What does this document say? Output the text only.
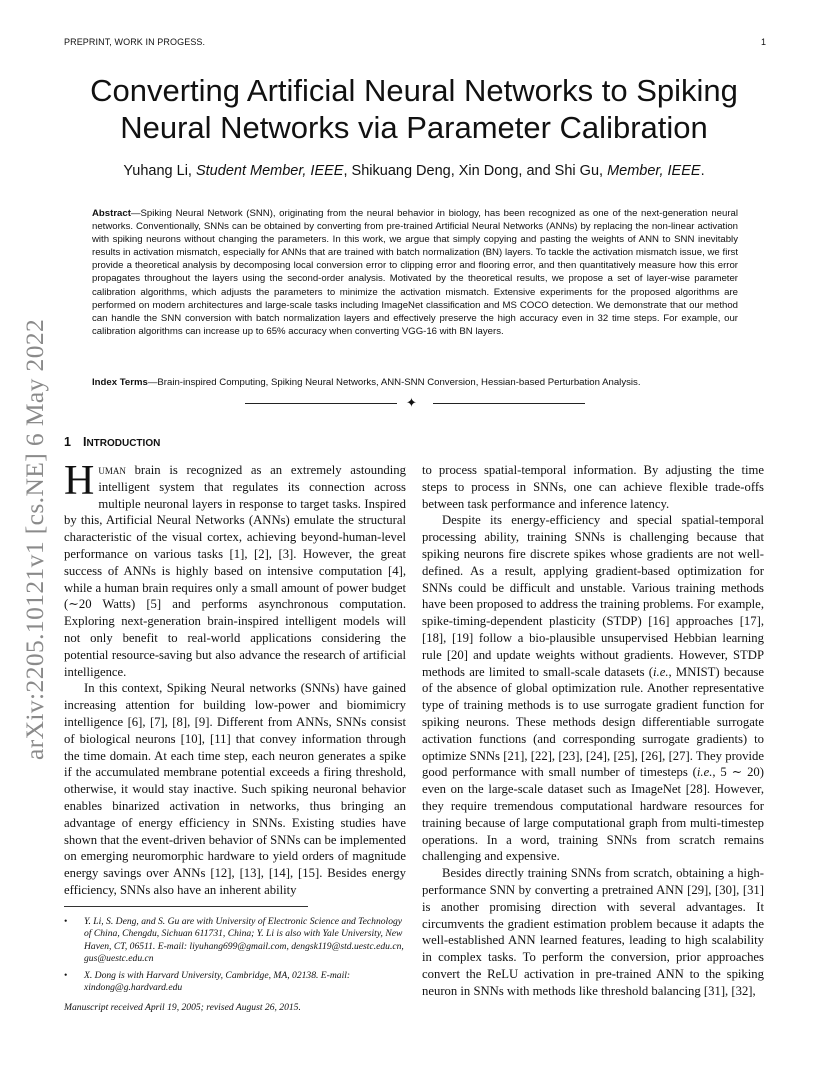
PREPRINT, WORK IN PROGESS.	1
Converting Artificial Neural Networks to Spiking
Neural Networks via Parameter Calibration
Yuhang Li, Student Member, IEEE, Shikuang Deng, Xin Dong, and Shi Gu, Member, IEEE.

Abstract—Spiking Neural Network (SNN), originating from the neural behavior in biology, has been recognized as one of the next-generation neural networks. Conventionally, SNNs can be obtained by converting from pre-trained Artificial Neural Networks (ANNs) by replacing the non-linear activation with spiking neurons without changing the parameters. In this work, we argue that simply copying and pasting the weights of ANN to SNN inevitably results in activation mismatch, especially for ANNs that are trained with batch normalization (BN) layers. To tackle the activation mismatch issue, we first provide a theoretical analysis by decomposing local conversion error to clipping error and flooring error, and then quantitatively measure how this error propagates throughout the layers using the second-order analysis. Motivated by the theoretical results, we propose a set of layer-wise parameter calibration algorithms, which adjusts the parameters to minimize the activation mismatch. Extensive experiments for the proposed algorithms are performed on modern architectures and large-scale tasks including ImageNet classification and MS COCO detection. We demonstrate that our method can handle the SNN conversion with batch normalization layers and effectively preserve the high accuracy even in 32 time steps. For example, our calibration algorithms can increase up to 65% accuracy when converting VGG-16 with BN layers.

Index Terms—Brain-inspired Computing, Spiking Neural Networks, ANN-SNN Conversion, Hessian-based Perturbation Analysis.

✦
1 INTRODUCTION

Human brain is recognized as an extremely astounding intelligent system that regulates its connection across multiple neuronal layers in response to target tasks. Inspired by this, Artificial Neural Networks (ANNs) emulate the structural characteristic of the visual cortex, achieving beyond-human-level performance on various tasks [1], [2], [3]. However, the great success of ANNs is highly based on intensive computation [4], while a human brain requires only a small amount of power budget (∼20 Watts) [5] and performs asynchronous computation. Exploring next-generation brain-inspired intelligent models will not only benefit to real-world applications considering the potential resource-saving but also advance the research of artificial intelligence.

In this context, Spiking Neural networks (SNNs) have gained increasing attention for building low-power and biomimicry intelligence [6], [7], [8], [9]. Different from ANNs, SNNs consist of biological neurons [10], [11] that convey information through the time domain. At each time step, each neuron generates a spike if the accumulated membrane potential exceeds a firing threshold, otherwise, it would stay inactive. Such spiking neuronal behavior enables binarized activation in networks, thus bringing an advantage of energy efficiency in SNNs. Existing studies have shown that the event-driven behavior of SNNs can be implemented on emerging neuromorphic hardware to yield orders of magnitude energy savings over ANNs [12], [13], [14], [15]. Besides energy efficiency, SNNs also have an inherent ability

to process spatial-temporal information. By adjusting the time steps to process in SNNs, one can achieve flexible trade-offs between task performance and inference latency.

Despite its energy-efficiency and special spatial-temporal processing ability, training SNNs is challenging because that spiking neurons fire discrete spikes whose gradients are not well-defined. As a result, applying gradient-based optimization for SNNs could be difficult and unstable. Various training methods have been proposed to address the training problems. For example, spike-timing-dependent plasticity (STDP) [16] approaches [17], [18], [19] follow a bio-plausible unsupervised Hebbian learning rule [20] and update weights without gradients. However, STDP methods are limited to small-scale datasets (i.e., MNIST) because of the absence of global optimization rule. Another representative type of training methods is to use surrogate gradient function for spiking neurons. These methods design differentiable surrogate activation functions (and corresponding surrogate gradients) to optimize SNNs [21], [22], [23], [24], [25], [26], [27]. They provide good performance with small number of timesteps (i.e., 5 ∼ 20) even on the large-scale dataset such as ImageNet [28]. However, they require tremendous computational hardware resources for training because of large computational graph from multi-timestep operations. In a word, training SNNs from scratch remains challenging and expensive.

Besides directly training SNNs from scratch, obtaining a high-performance SNN by converting a pretrained ANN [29], [30], [31] is another promising direction with several advantages. It circumvents the gradient estimation problem because it adapts the well-established ANN learned features, leading to high scalability in complex tasks. To perform the conversion, prior approaches convert the ReLU activation in pre-trained ANN to the spiking neuron in SNNs with methods like threshold balancing [31], [32],

• Y. Li, S. Deng, and S. Gu are with University of Electronic Science and Technology of China, Chengdu, Sichuan 611731, China; Y. Li is also with Yale University, New Haven, CT, 06511. E-mail: liyuhang699@gmail.com, dengsk119@std.uestc.edu.cn, gus@uestc.edu.cn
• X. Dong is with Harvard University, Cambridge, MA, 02138. E-mail: xindong@g.hardvard.edu
Manuscript received April 19, 2005; revised August 26, 2015.
arXiv:2205.10121v1 [cs.NE] 6 May 2022
